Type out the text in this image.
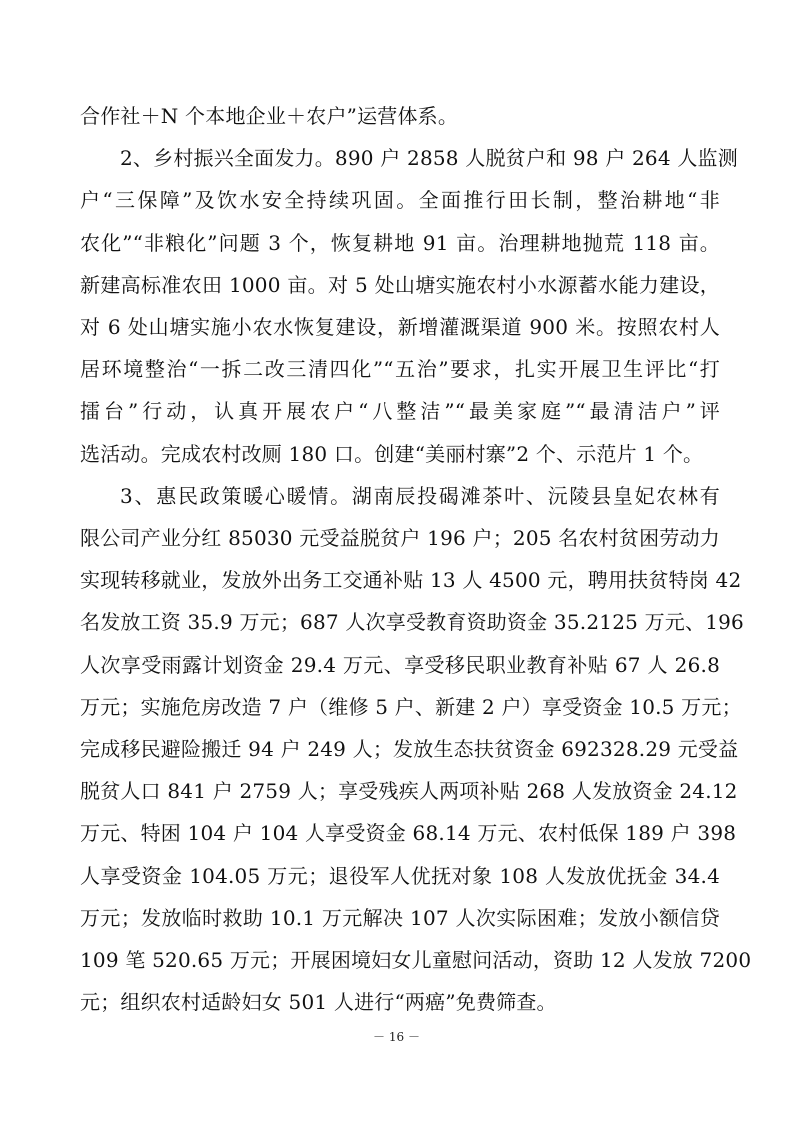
合作社＋N 个本地企业＋农户”运营体系。
2、乡村振兴全面发力。890 户 2858 人脱贫户和 98 户 264 人监测
户“三保障”及饮水安全持续巩固。全面推行田长制，整治耕地“非
农化”“非粮化”问题 3 个，恢复耕地 91 亩。治理耕地抛荒 118 亩。
新建高标准农田 1000 亩。对 5 处山塘实施农村小水源蓄水能力建设，
对 6 处山塘实施小农水恢复建设，新增灌溉渠道 900 米。按照农村人
居环境整治“一拆二改三清四化”“五治”要求，扎实开展卫生评比“打
擂台”行动，认真开展农户“八整洁”“最美家庭”“最清洁户”评
选活动。完成农村改厕 180 口。创建“美丽村寨”2 个、示范片 1 个。
3、惠民政策暖心暖情。湖南辰投碣滩茶叶、沅陵县皇妃农林有
限公司产业分红 85030 元受益脱贫户 196 户；205 名农村贫困劳动力
实现转移就业，发放外出务工交通补贴 13 人 4500 元，聘用扶贫特岗 42
名发放工资 35.9 万元；687 人次享受教育资助资金 35.2125 万元、196
人次享受雨露计划资金 29.4 万元、享受移民职业教育补贴 67 人 26.8
万元；实施危房改造 7 户（维修 5 户、新建 2 户）享受资金 10.5 万元；
完成移民避险搬迁 94 户 249 人；发放生态扶贫资金 692328.29 元受益
脱贫人口 841 户 2759 人；享受残疾人两项补贴 268 人发放资金 24.12
万元、特困 104 户 104 人享受资金 68.14 万元、农村低保 189 户 398
人享受资金 104.05 万元；退役军人优抚对象 108 人发放优抚金 34.4
万元；发放临时救助 10.1 万元解决 107 人次实际困难；发放小额信贷
109 笔 520.65 万元；开展困境妇女儿童慰问活动，资助 12 人发放 7200
元；组织农村适龄妇女 501 人进行“两癌”免费筛查。
－ 16 －
